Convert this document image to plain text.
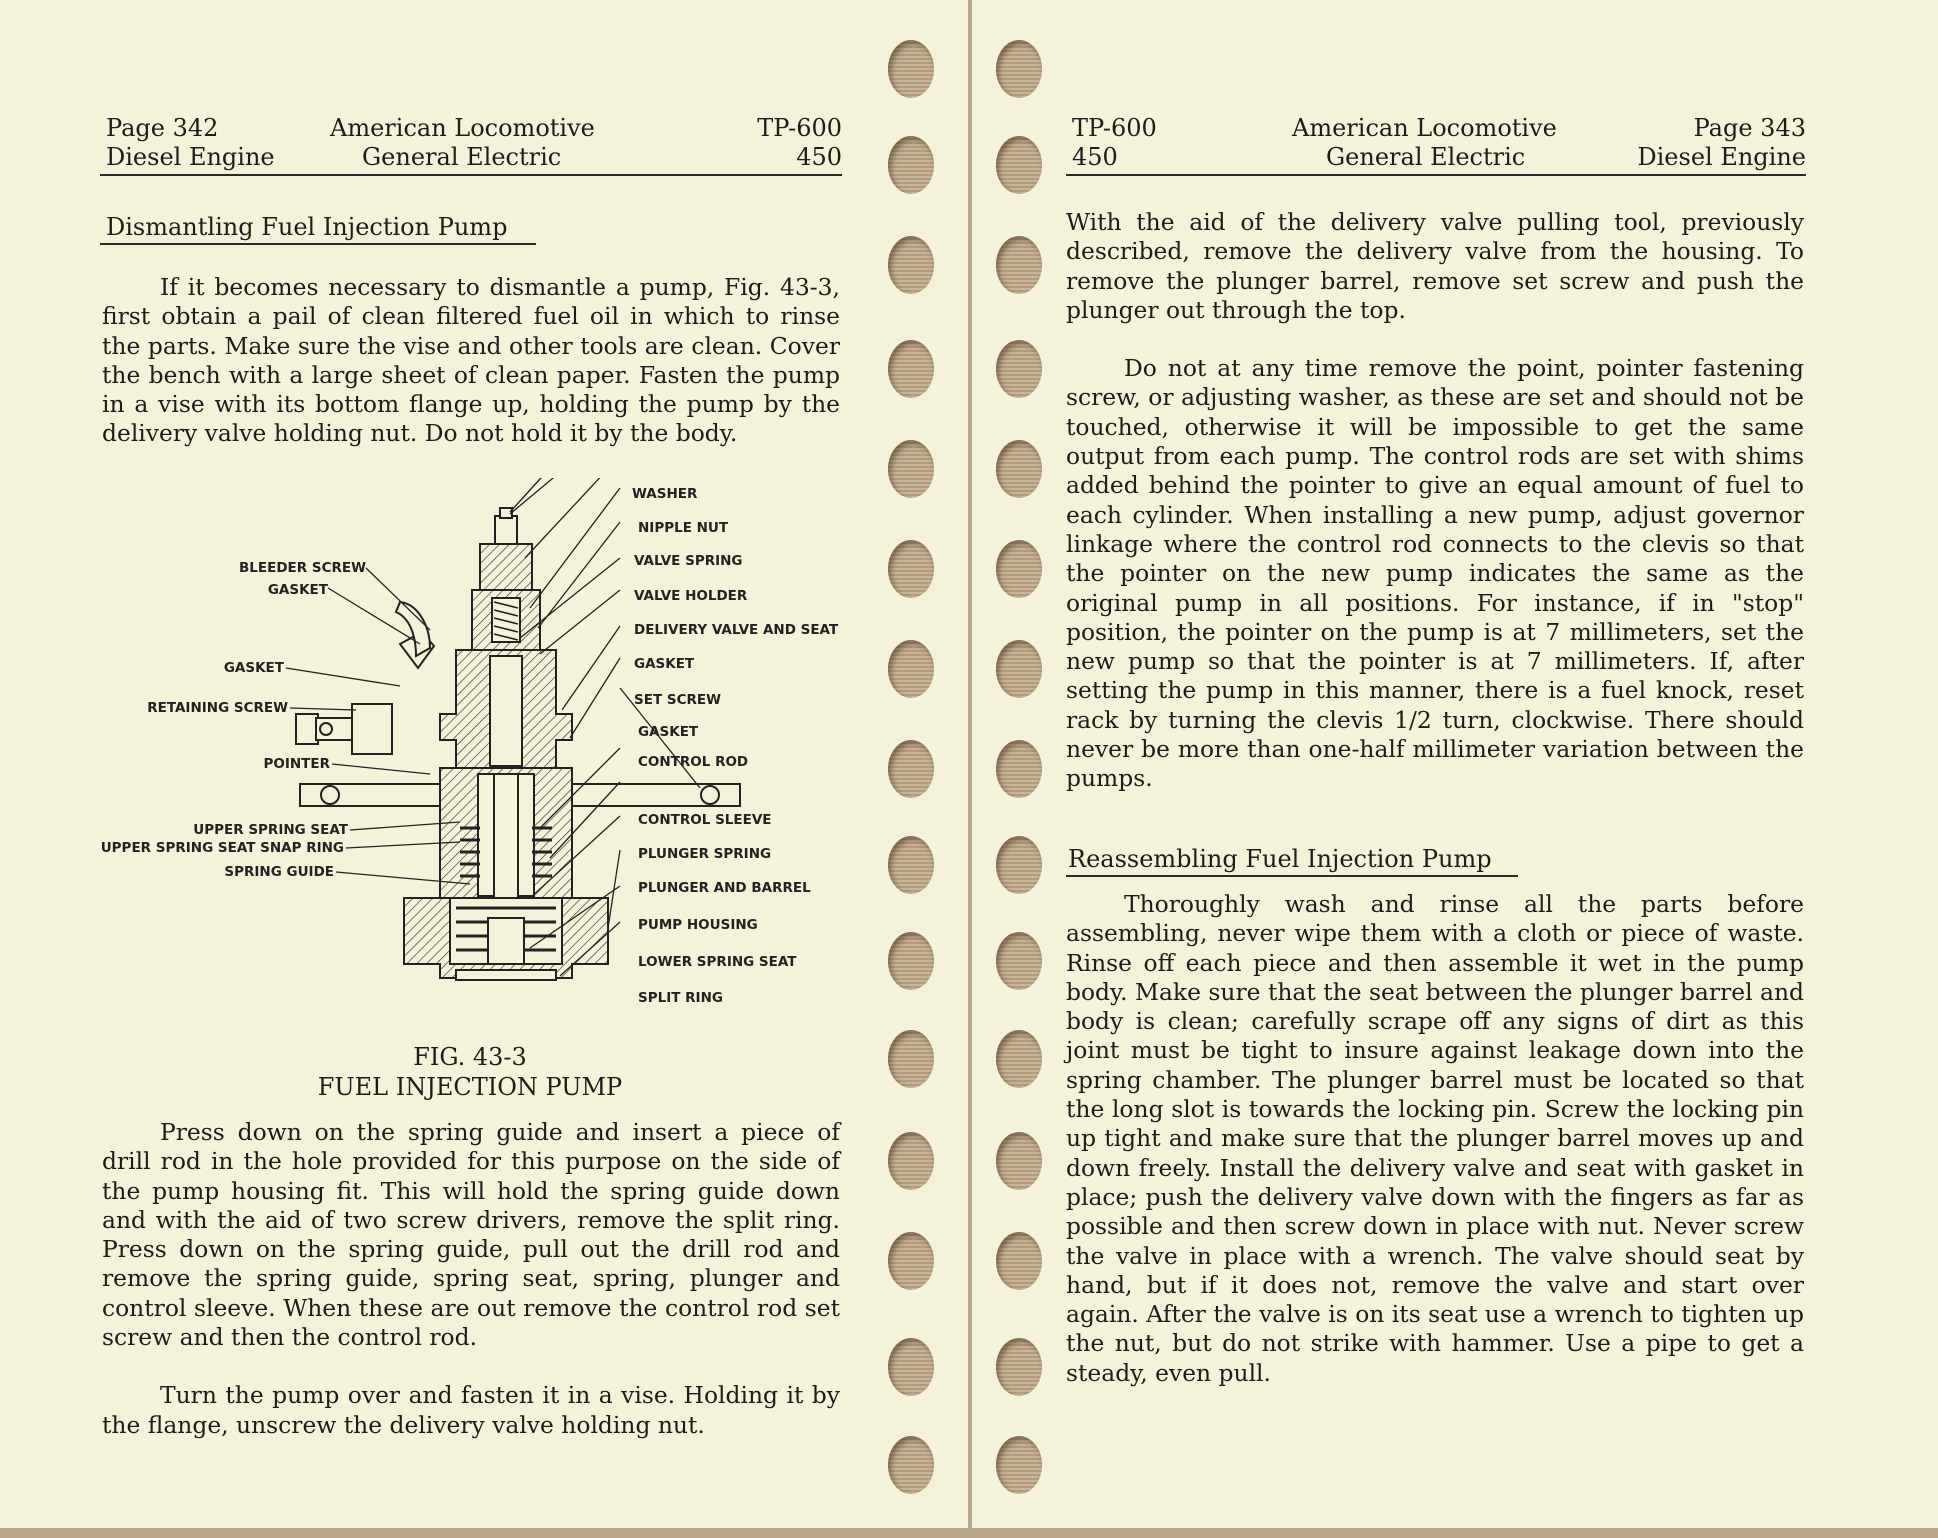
Page 342
Diesel Engine
American Locomotive
General Electric
TP-600
450
Dismantling Fuel Injection Pump

If it becomes necessary to dismantle a pump, Fig. 43-3, first obtain a pail of clean filtered fuel oil in which to rinse the parts. Make sure the vise and other tools are clean. Cover the bench with a large sheet of clean paper. Fasten the pump in a vise with its bottom flange up, holding the pump by the delivery valve holding nut. Do not hold it by the body.

WASHER
NIPPLE NUT
VALVE SPRING
VALVE HOLDER
DELIVERY VALVE AND SEAT
GASKET
SET SCREW
GASKET
CONTROL ROD
CONTROL SLEEVE
PLUNGER SPRING
PLUNGER AND BARREL
PUMP HOUSING
LOWER SPRING SEAT
SPLIT RING
BLEEDER SCREW
GASKET
GASKET
RETAINING SCREW
POINTER
UPPER SPRING SEAT
UPPER SPRING SEAT SNAP RING
SPRING GUIDE
FIG. 43-3
FUEL INJECTION PUMP

Press down on the spring guide and insert a piece of drill rod in the hole provided for this purpose on the side of the pump housing fit. This will hold the spring guide down and with the aid of two screw drivers, remove the split ring. Press down on the spring guide, pull out the drill rod and remove the spring guide, spring seat, spring, plunger and control sleeve. When these are out remove the control rod set screw and then the control rod.

Turn the pump over and fasten it in a vise. Holding it by the flange, unscrew the delivery valve holding nut.

TP-600
450
American Locomotive
General Electric
Page 343
Diesel Engine

With the aid of the delivery valve pulling tool, previously described, remove the delivery valve from the housing. To remove the plunger barrel, remove set screw and push the plunger out through the top.

Do not at any time remove the point, pointer fastening screw, or adjusting washer, as these are set and should not be touched, otherwise it will be impossible to get the same output from each pump. The control rods are set with shims added behind the pointer to give an equal amount of fuel to each cylinder. When installing a new pump, adjust governor linkage where the control rod connects to the clevis so that the pointer on the new pump indicates the same as the original pump in all positions. For instance, if in "stop" position, the pointer on the pump is at 7 millimeters, set the new pump so that the pointer is at 7 millimeters. If, after setting the pump in this manner, there is a fuel knock, reset rack by turning the clevis 1/2 turn, clockwise. There should never be more than one-half millimeter variation between the pumps.

Reassembling Fuel Injection Pump

Thoroughly wash and rinse all the parts before assembling, never wipe them with a cloth or piece of waste. Rinse off each piece and then assemble it wet in the pump body. Make sure that the seat between the plunger barrel and body is clean; carefully scrape off any signs of dirt as this joint must be tight to insure against leakage down into the spring chamber. The plunger barrel must be located so that the long slot is towards the locking pin. Screw the locking pin up tight and make sure that the plunger barrel moves up and down freely. Install the delivery valve and seat with gasket in place; push the delivery valve down with the fingers as far as possible and then screw down in place with nut. Never screw the valve in place with a wrench. The valve should seat by hand, but if it does not, remove the valve and start over again. After the valve is on its seat use a wrench to tighten up the nut, but do not strike with hammer. Use a pipe to get a steady, even pull.
